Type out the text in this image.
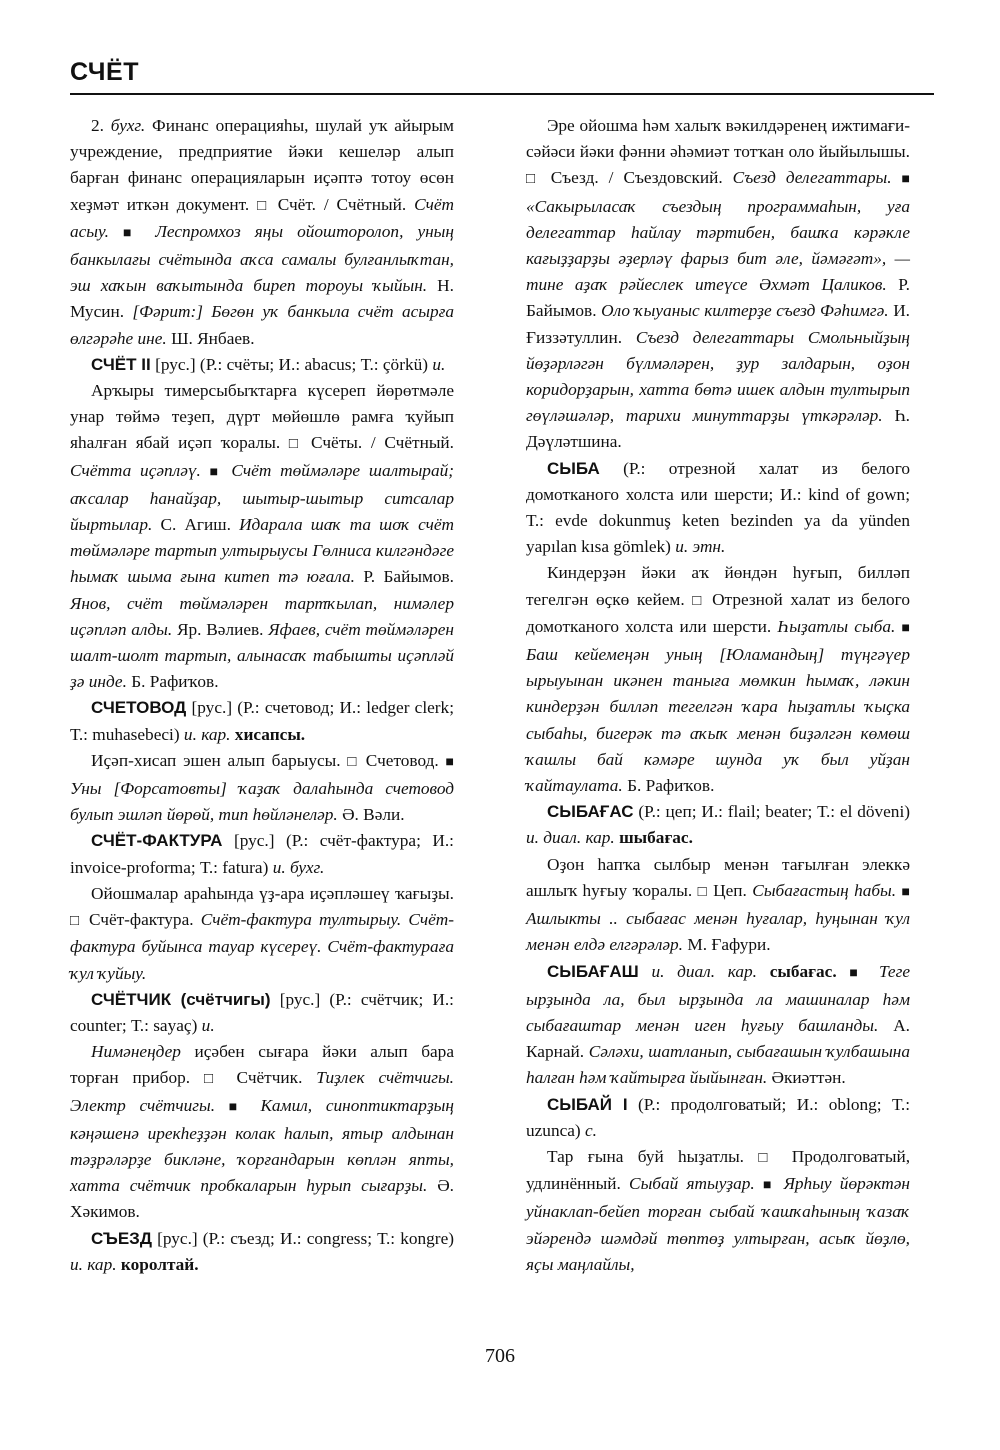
СЧЁТ

2. бухг. Финанс операцияһы, шулай уҡ айырым учреждение, предприятие йәки кешеләр алып барған финанс операцияларын иҫәптә тотоу өсөн хеҙмәт иткән документ. □ Счёт. / Счётный. Счёт асыу. ■ Леспромхоз яңы ойошторолоп, уның банкылағы счётында аҡса самалы булғанлыҡтан, эш хаҡын ваҡытында биреп тороуы ҡыйын. Н. Мусин. [Фәрит:] Бөгөн уҡ банкыла счёт асырға өлгәрәһе ине. Ш. Янбаев.

СЧЁТ II [рус.] (Р.: счёты; И.: abacus; Т.: çörkü) и.

Арҡыры тимерсыбыҡтарға күсереп йөрөтмәле унар төймә теҙеп, дүрт мөйөшлө рамға ҡуйып яһалған ябай иҫәп ҡоралы. □ Счёты. / Счётный. Счётта иҫәпләү. ■ Счёт төймәләре шалтырай; аҡсалар һанайҙар, шытыр-шытыр ситсалар йыртылар. С. Агиш. Идарала шаҡ та шоҡ счёт төймәләре тартып ултырыусы Гөлниса килгәндәге һымаҡ шыма ғына китеп тә юғала. Р. Байымов. Янов, счёт төймәләрен тартҡылап, нимәлер иҫәпләп алды. Яр. Вәлиев. Яфаев, счёт төймәләрен шалт-шолт тартып, алынасаҡ табышты иҫәпләй ҙә инде. Б. Рафиҡов.

СЧЕТОВОД [рус.] (Р.: счетовод; И.: ledger clerk; Т.: muhasebeci) и. кар. хисапсы.

Иҫәп-хисап эшен алып барыусы. □ Счетовод. ■ Уны [Форсатовты] ҡаҙаҡ далаһында счетовод булып эшләп йөрөй, тип һөйләнеләр. Ә. Вәли.

СЧЁТ-ФАКТУРА [рус.] (Р.: счёт-фактура; И.: invoice-proforma; Т.: fatura) и. бухг.

Ойошмалар араһында үҙ-ара иҫәпләшеү ҡағыҙы. □ Счёт-фактура. Счёт-фактура тултырыу. Счёт-фактура буйынса тауар күсереү. Счёт-фактураға ҡул ҡуйыу.

СЧЁТЧИК (счётчигы) [рус.] (Р.: счётчик; И.: counter; Т.: sayaç) и.

Нимәнеңдер иҫәбен сығара йәки алып бара торған прибор. □ Счётчик. Тиҙлек счётчигы. Электр счётчигы. ■ Камил, синоптиктарҙың кәңәшенә ирекһеҙҙән колак һалып, ятыр алдынан тәҙрәләрҙе бикләне, ҡорғандарын көплән япты, хатта счётчик пробкаларын һурып сығарҙы. Ә. Хәкимов.

СЪЕЗД [рус.] (Р.: съезд; И.: congress; Т.: kongre) и. кар. королтай.

Эре ойошма һәм халыҡ вәкилдәренең ижтимағи-сәйәси йәки фәнни әһәмиәт тотҡан оло йыйылышы. □ Съезд. / Съездовский. Съезд делегаттары. ■ «Сакырыласаҡ съездың программаһын, уға делегаттар һайлау тәртибен, башҡа кәрәкле кағыҙҙарҙы әҙерләү фарыз бит әле, йәмәғәт», — тине аҙаҡ рәйеслек итеүсе Әхмәт Цаликов. Р. Байымов. Оло ҡыуаныс килтерҙе съезд Фәһимгә. И. Ғиззәтуллин. Съезд делегаттары Смольныйҙың йөҙәрләгән бүлмәләрен, ҙур залдарын, оҙон коридорҙарын, хатта бөтә ишек алдын тултырып гөүләшәләр, тарихи минуттарҙы үткәрәләр. Һ. Дәүләтшина.

СЫБА (Р.: отрезной халат из белого домотканого холста или шерсти; И.: kind of gown; Т.: evde dokunmuş keten bezinden ya da yünden yapılan kısa gömlek) и. этн.

Киндерҙән йәки аҡ йөндән һуғып, билләп тегелгән өҫкө кейем. □ Отрезной халат из белого домотканого холста или шерсти. Һыҙатлы сыба. ■ Баш кейемеңән уның [Юламандың] түңгәүер ырыуынан икәнен таныға мөмкин һымаҡ, ләкин киндерҙән билләп тегелгән ҡара һыҙатлы ҡыҫка сыбаһы, бигерәк тә аҡыҡ менән биҙәлгән көмөш ҡашлы бай кәмәре шунда уҡ был уйҙан ҡайтаулата. Б. Рафиҡов.

СЫБАҒАС (Р.: цеп; И.: flail; beater; Т.: el döveni) и. диал. кар. шыбағас.

Оҙон һапҡа сылбыр менән тағылған элеккә ашлыҡ һуғыу ҡоралы. □ Цеп. Сыбағастың һабы. ■ Ашлыкты .. сыбағас менән һуғалар, һуңынан ҡул менән елдә елгәрәләр. М. Ғафури.

СЫБАҒАШ и. диал. кар. сыбағас. ■ Теге ырҙында ла, был ырҙында ла машиналар һәм сыбағаштар менән иген һуғыу башланды. А. Карнай. Сәләхи, шатланып, сыбағашын ҡулбашына һалған һәм ҡайтырға йыйынған. Әкиәттән.

СЫБАЙ I (Р.: продолговатый; И.: oblong; Т.: uzunca) с.

Тар ғына буй һыҙатлы. □ Продолговатый, удлинённый. Сыбай ятыуҙар. ■ Ярһыу йөрәктән уйнаклап-бейеп торған сыбай ҡашҡаһының ҡазаҡ эйәрендә шәмдәй төптөҙ ултырған, асыҡ йөҙлө, яҫы маңлайлы,

706
